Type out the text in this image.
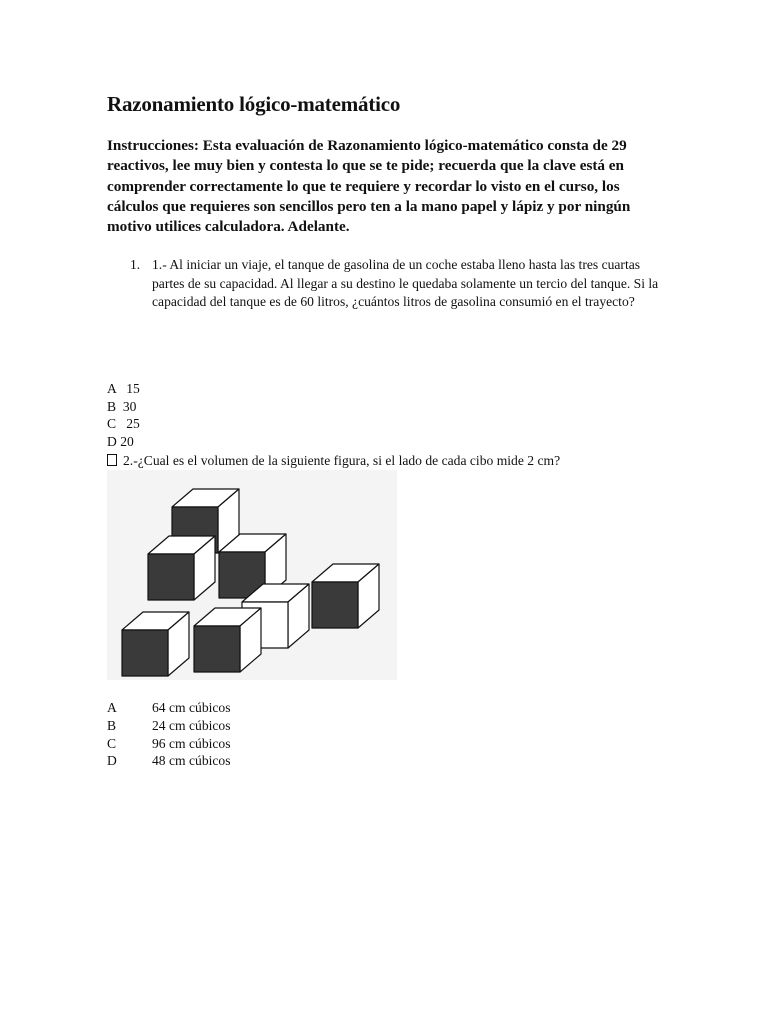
Razonamiento lógico-matemático

Instrucciones: Esta evaluación de Razonamiento lógico-matemático consta de 29 reactivos, lee muy bien y contesta lo que se te pide; recuerda que la clave está en comprender correctamente lo que te requiere y recordar lo visto en el curso, los cálculos que requieres son sencillos pero ten a la mano papel y lápiz y por ningún motivo utilices calculadora. Adelante.

1. 1.- Al iniciar un viaje, el tanque de gasolina de un coche estaba lleno hasta las tres cuartas partes de su capacidad. Al llegar a su destino le quedaba solamente un tercio del tanque. Si la capacidad del tanque es de 60 litros, ¿cuántos litros de gasolina consumió en el trayecto?
A   15
B  30
C   25
D 20
2.-¿Cual es el volumen de la siguiente figura, si el lado de cada cibo mide 2 cm?
A	64 cm cúbicos
B	24 cm cúbicos
C	96 cm cúbicos
D	48 cm cúbicos
